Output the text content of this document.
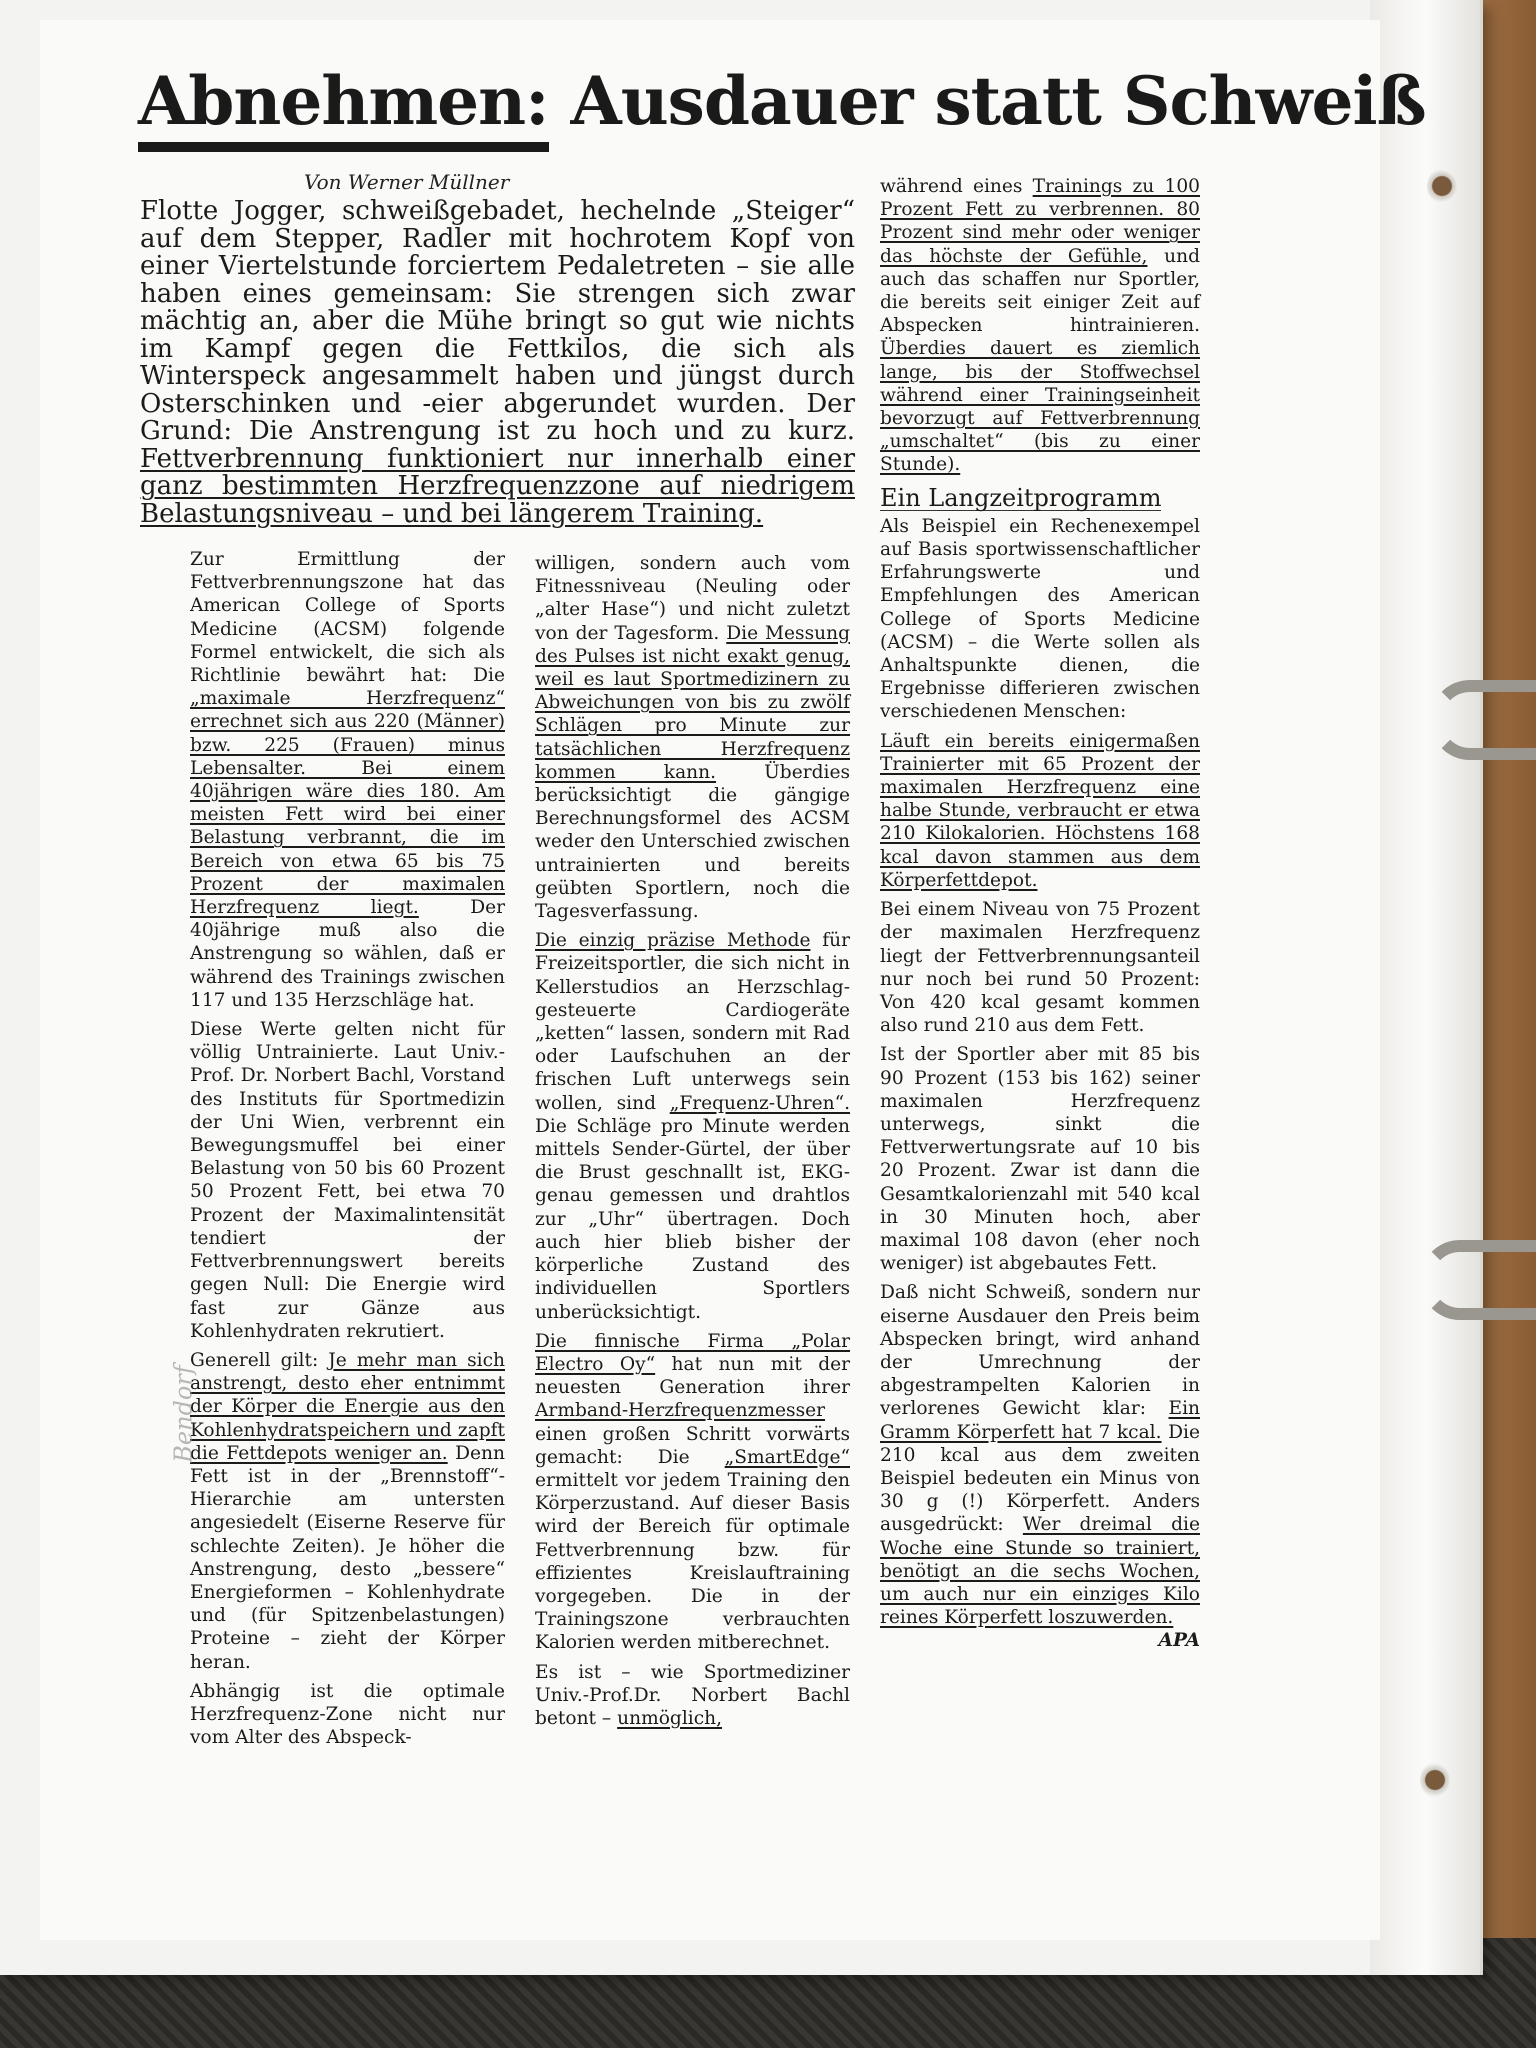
Abnehmen: Ausdauer statt Schweiß
Von Werner Müllner
Flotte Jogger, schweißgebadet, hechelnde „Steiger“ auf dem Stepper, Radler mit hochrotem Kopf von einer Viertelstunde forciertem Pedaletreten – sie alle haben eines gemeinsam: Sie strengen sich zwar mächtig an, aber die Mühe bringt so gut wie nichts im Kampf gegen die Fettkilos, die sich als Winterspeck angesammelt haben und jüngst durch Osterschinken und -eier abgerundet wurden. Der Grund: Die Anstrengung ist zu hoch und zu kurz. Fettverbrennung funktioniert nur innerhalb einer ganz bestimmten Herzfrequenzzone auf niedrigem Belastungsniveau – und bei längerem Training.

Zur Ermittlung der Fettverbrennungszone hat das American College of Sports Medicine (ACSM) folgende Formel entwickelt, die sich als Richtlinie bewährt hat: Die „maximale Herzfrequenz“ errechnet sich aus 220 (Männer) bzw. 225 (Frauen) minus Lebensalter. Bei einem 40jährigen wäre dies 180. Am meisten Fett wird bei einer Belastung verbrannt, die im Bereich von etwa 65 bis 75 Prozent der maximalen Herzfrequenz liegt. Der 40jährige muß also die Anstrengung so wählen, daß er während des Trainings zwischen 117 und 135 Herzschläge hat.

Diese Werte gelten nicht für völlig Untrainierte. Laut Univ.-Prof. Dr. Norbert Bachl, Vorstand des Instituts für Sportmedizin der Uni Wien, verbrennt ein Bewegungsmuffel bei einer Belastung von 50 bis 60 Prozent 50 Prozent Fett, bei etwa 70 Prozent der Maximalintensität tendiert der Fettverbrennungswert bereits gegen Null: Die Energie wird fast zur Gänze aus Kohlenhydraten rekrutiert.

Generell gilt: Je mehr man sich anstrengt, desto eher entnimmt der Körper die Energie aus den Kohlenhydratspeichern und zapft die Fettdepots weniger an. Denn Fett ist in der „Brennstoff“-Hierarchie am untersten angesiedelt (Eiserne Reserve für schlechte Zeiten). Je höher die Anstrengung, desto „bessere“ Energieformen – Kohlenhydrate und (für Spitzenbelastungen) Proteine – zieht der Körper heran.

Abhängig ist die optimale Herzfrequenz-Zone nicht nur vom Alter des Abspeck-

willigen, sondern auch vom Fitnessniveau (Neuling oder „alter Hase“) und nicht zuletzt von der Tagesform. Die Messung des Pulses ist nicht exakt genug, weil es laut Sportmedizinern zu Abweichungen von bis zu zwölf Schlägen pro Minute zur tatsächlichen Herzfrequenz kommen kann. Überdies berücksichtigt die gängige Berechnungsformel des ACSM weder den Unterschied zwischen untrainierten und bereits geübten Sportlern, noch die Tagesverfassung.

Die einzig präzise Methode für Freizeitsportler, die sich nicht in Kellerstudios an Herzschlag-gesteuerte Cardiogeräte „ketten“ lassen, sondern mit Rad oder Laufschuhen an der frischen Luft unterwegs sein wollen, sind „Frequenz-Uhren“. Die Schläge pro Minute werden mittels Sender-Gürtel, der über die Brust geschnallt ist, EKG-genau gemessen und drahtlos zur „Uhr“ übertragen. Doch auch hier blieb bisher der körperliche Zustand des individuellen Sportlers unberücksichtigt.

Die finnische Firma „Polar Electro Oy“ hat nun mit der neuesten Generation ihrer Armband-Herzfrequenzmesser einen großen Schritt vorwärts gemacht: Die „SmartEdge“ ermittelt vor jedem Training den Körperzustand. Auf dieser Basis wird der Bereich für optimale Fettverbrennung bzw. für effizientes Kreislauftraining vorgegeben. Die in der Trainingszone verbrauchten Kalorien werden mitberechnet.

Es ist – wie Sportmediziner Univ.-Prof.Dr. Norbert Bachl betont – unmöglich,

während eines Trainings zu 100 Prozent Fett zu verbrennen. 80 Prozent sind mehr oder weniger das höchste der Gefühle, und auch das schaffen nur Sportler, die bereits seit einiger Zeit auf Abspecken hintrainieren. Überdies dauert es ziemlich lange, bis der Stoffwechsel während einer Trainingseinheit bevorzugt auf Fettverbrennung „umschaltet“ (bis zu einer Stunde).

Ein Langzeitprogramm

Als Beispiel ein Rechenexempel auf Basis sportwissenschaftlicher Erfahrungswerte und Empfehlungen des American College of Sports Medicine (ACSM) – die Werte sollen als Anhaltspunkte dienen, die Ergebnisse differieren zwischen verschiedenen Menschen:

Läuft ein bereits einigermaßen Trainierter mit 65 Prozent der maximalen Herzfrequenz eine halbe Stunde, verbraucht er etwa 210 Kilokalorien. Höchstens 168 kcal davon stammen aus dem Körperfettdepot.

Bei einem Niveau von 75 Prozent der maximalen Herzfrequenz liegt der Fettverbrennungsanteil nur noch bei rund 50 Prozent: Von 420 kcal gesamt kommen also rund 210 aus dem Fett.

Ist der Sportler aber mit 85 bis 90 Prozent (153 bis 162) seiner maximalen Herzfrequenz unterwegs, sinkt die Fettverwertungsrate auf 10 bis 20 Prozent. Zwar ist dann die Gesamtkalorienzahl mit 540 kcal in 30 Minuten hoch, aber maximal 108 davon (eher noch weniger) ist abgebautes Fett.

Daß nicht Schweiß, sondern nur eiserne Ausdauer den Preis beim Abspecken bringt, wird anhand der Umrechnung der abgestrampelten Kalorien in verlorenes Gewicht klar: Ein Gramm Körperfett hat 7 kcal. Die 210 kcal aus dem zweiten Beispiel bedeuten ein Minus von 30 g (!) Körperfett. Anders ausgedrückt: Wer dreimal die Woche eine Stunde so trainiert, benötigt an die sechs Wochen, um auch nur ein einziges Kilo reines Körperfett loszuwerden.
APA

Bendorf
